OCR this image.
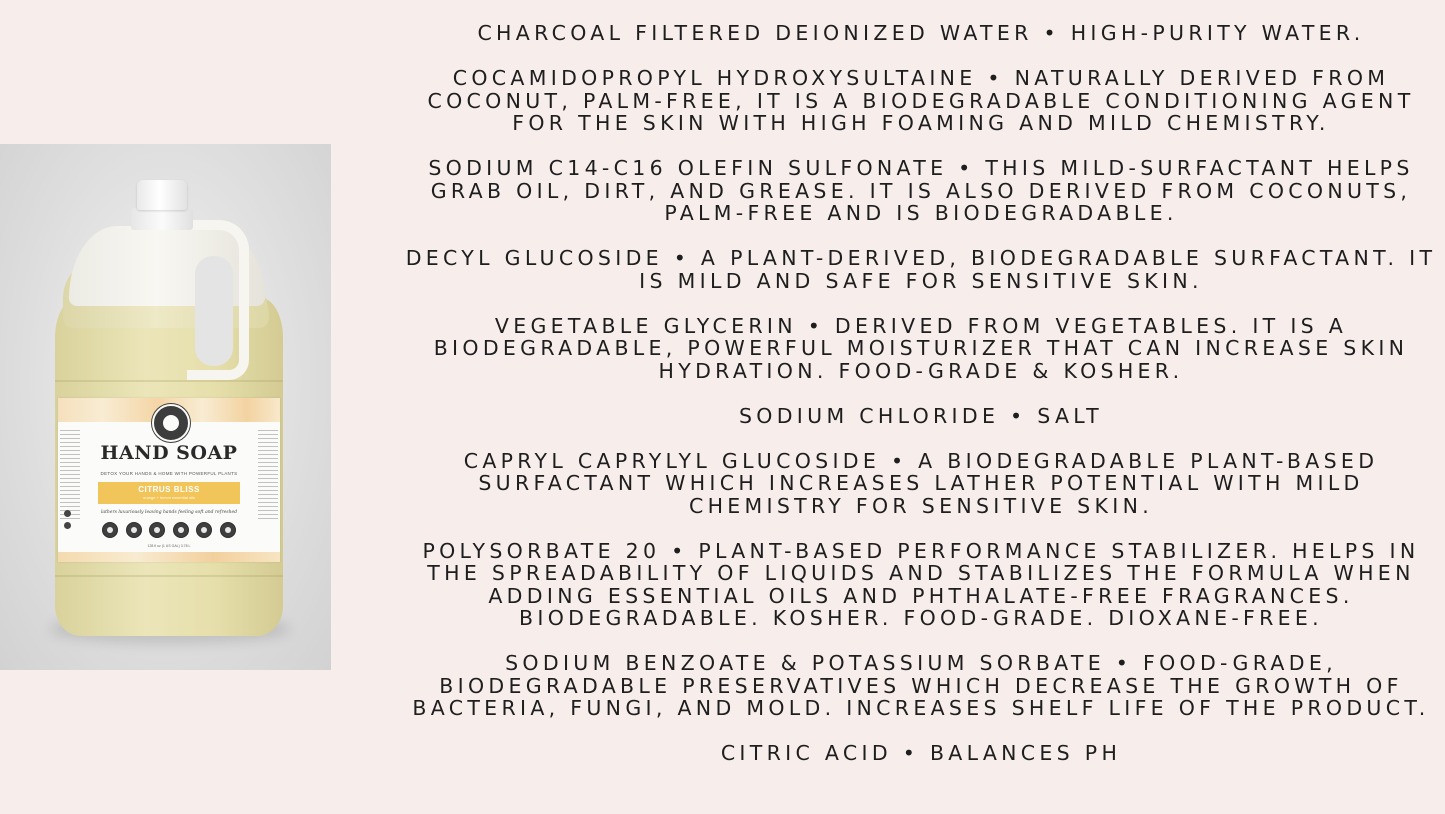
HAND SOAP
DETOX YOUR HANDS & HOME WITH POWERFUL PLANTS
CITRUS BLISS
orange + lemon essential oils
lathers luxuriously leaving hands feeling soft and refreshed
128 fl oz (1 US GAL) 3.78 L
CHARCOAL FILTERED DEIONIZED WATER • HIGH-PURITY WATER.
COCAMIDOPROPYL HYDROXYSULTAINE • NATURALLY DERIVED FROM COCONUT, PALM-FREE, IT IS A BIODEGRADABLE CONDITIONING AGENT FOR THE SKIN WITH HIGH FOAMING AND MILD CHEMISTRY.
SODIUM C14-C16 OLEFIN SULFONATE • THIS MILD-SURFACTANT HELPS GRAB OIL, DIRT, AND GREASE. IT IS ALSO DERIVED FROM COCONUTS, PALM-FREE AND IS BIODEGRADABLE.
DECYL GLUCOSIDE • A PLANT-DERIVED, BIODEGRADABLE SURFACTANT. IT IS MILD AND SAFE FOR SENSITIVE SKIN.
VEGETABLE GLYCERIN • DERIVED FROM VEGETABLES. IT IS A BIODEGRADABLE, POWERFUL MOISTURIZER THAT CAN INCREASE SKIN HYDRATION. FOOD-GRADE & KOSHER.
SODIUM CHLORIDE • SALT
CAPRYL CAPRYLYL GLUCOSIDE • A BIODEGRADABLE PLANT-BASED SURFACTANT WHICH INCREASES LATHER POTENTIAL WITH MILD CHEMISTRY FOR SENSITIVE SKIN.
POLYSORBATE 20 • PLANT-BASED PERFORMANCE STABILIZER. HELPS IN THE SPREADABILITY OF LIQUIDS AND STABILIZES THE FORMULA WHEN ADDING ESSENTIAL OILS AND PHTHALATE-FREE FRAGRANCES. BIODEGRADABLE. KOSHER. FOOD-GRADE. DIOXANE-FREE.
SODIUM BENZOATE & POTASSIUM SORBATE • FOOD-GRADE, BIODEGRADABLE PRESERVATIVES WHICH DECREASE THE GROWTH OF BACTERIA, FUNGI, AND MOLD. INCREASES SHELF LIFE OF THE PRODUCT.
CITRIC ACID • BALANCES PH
